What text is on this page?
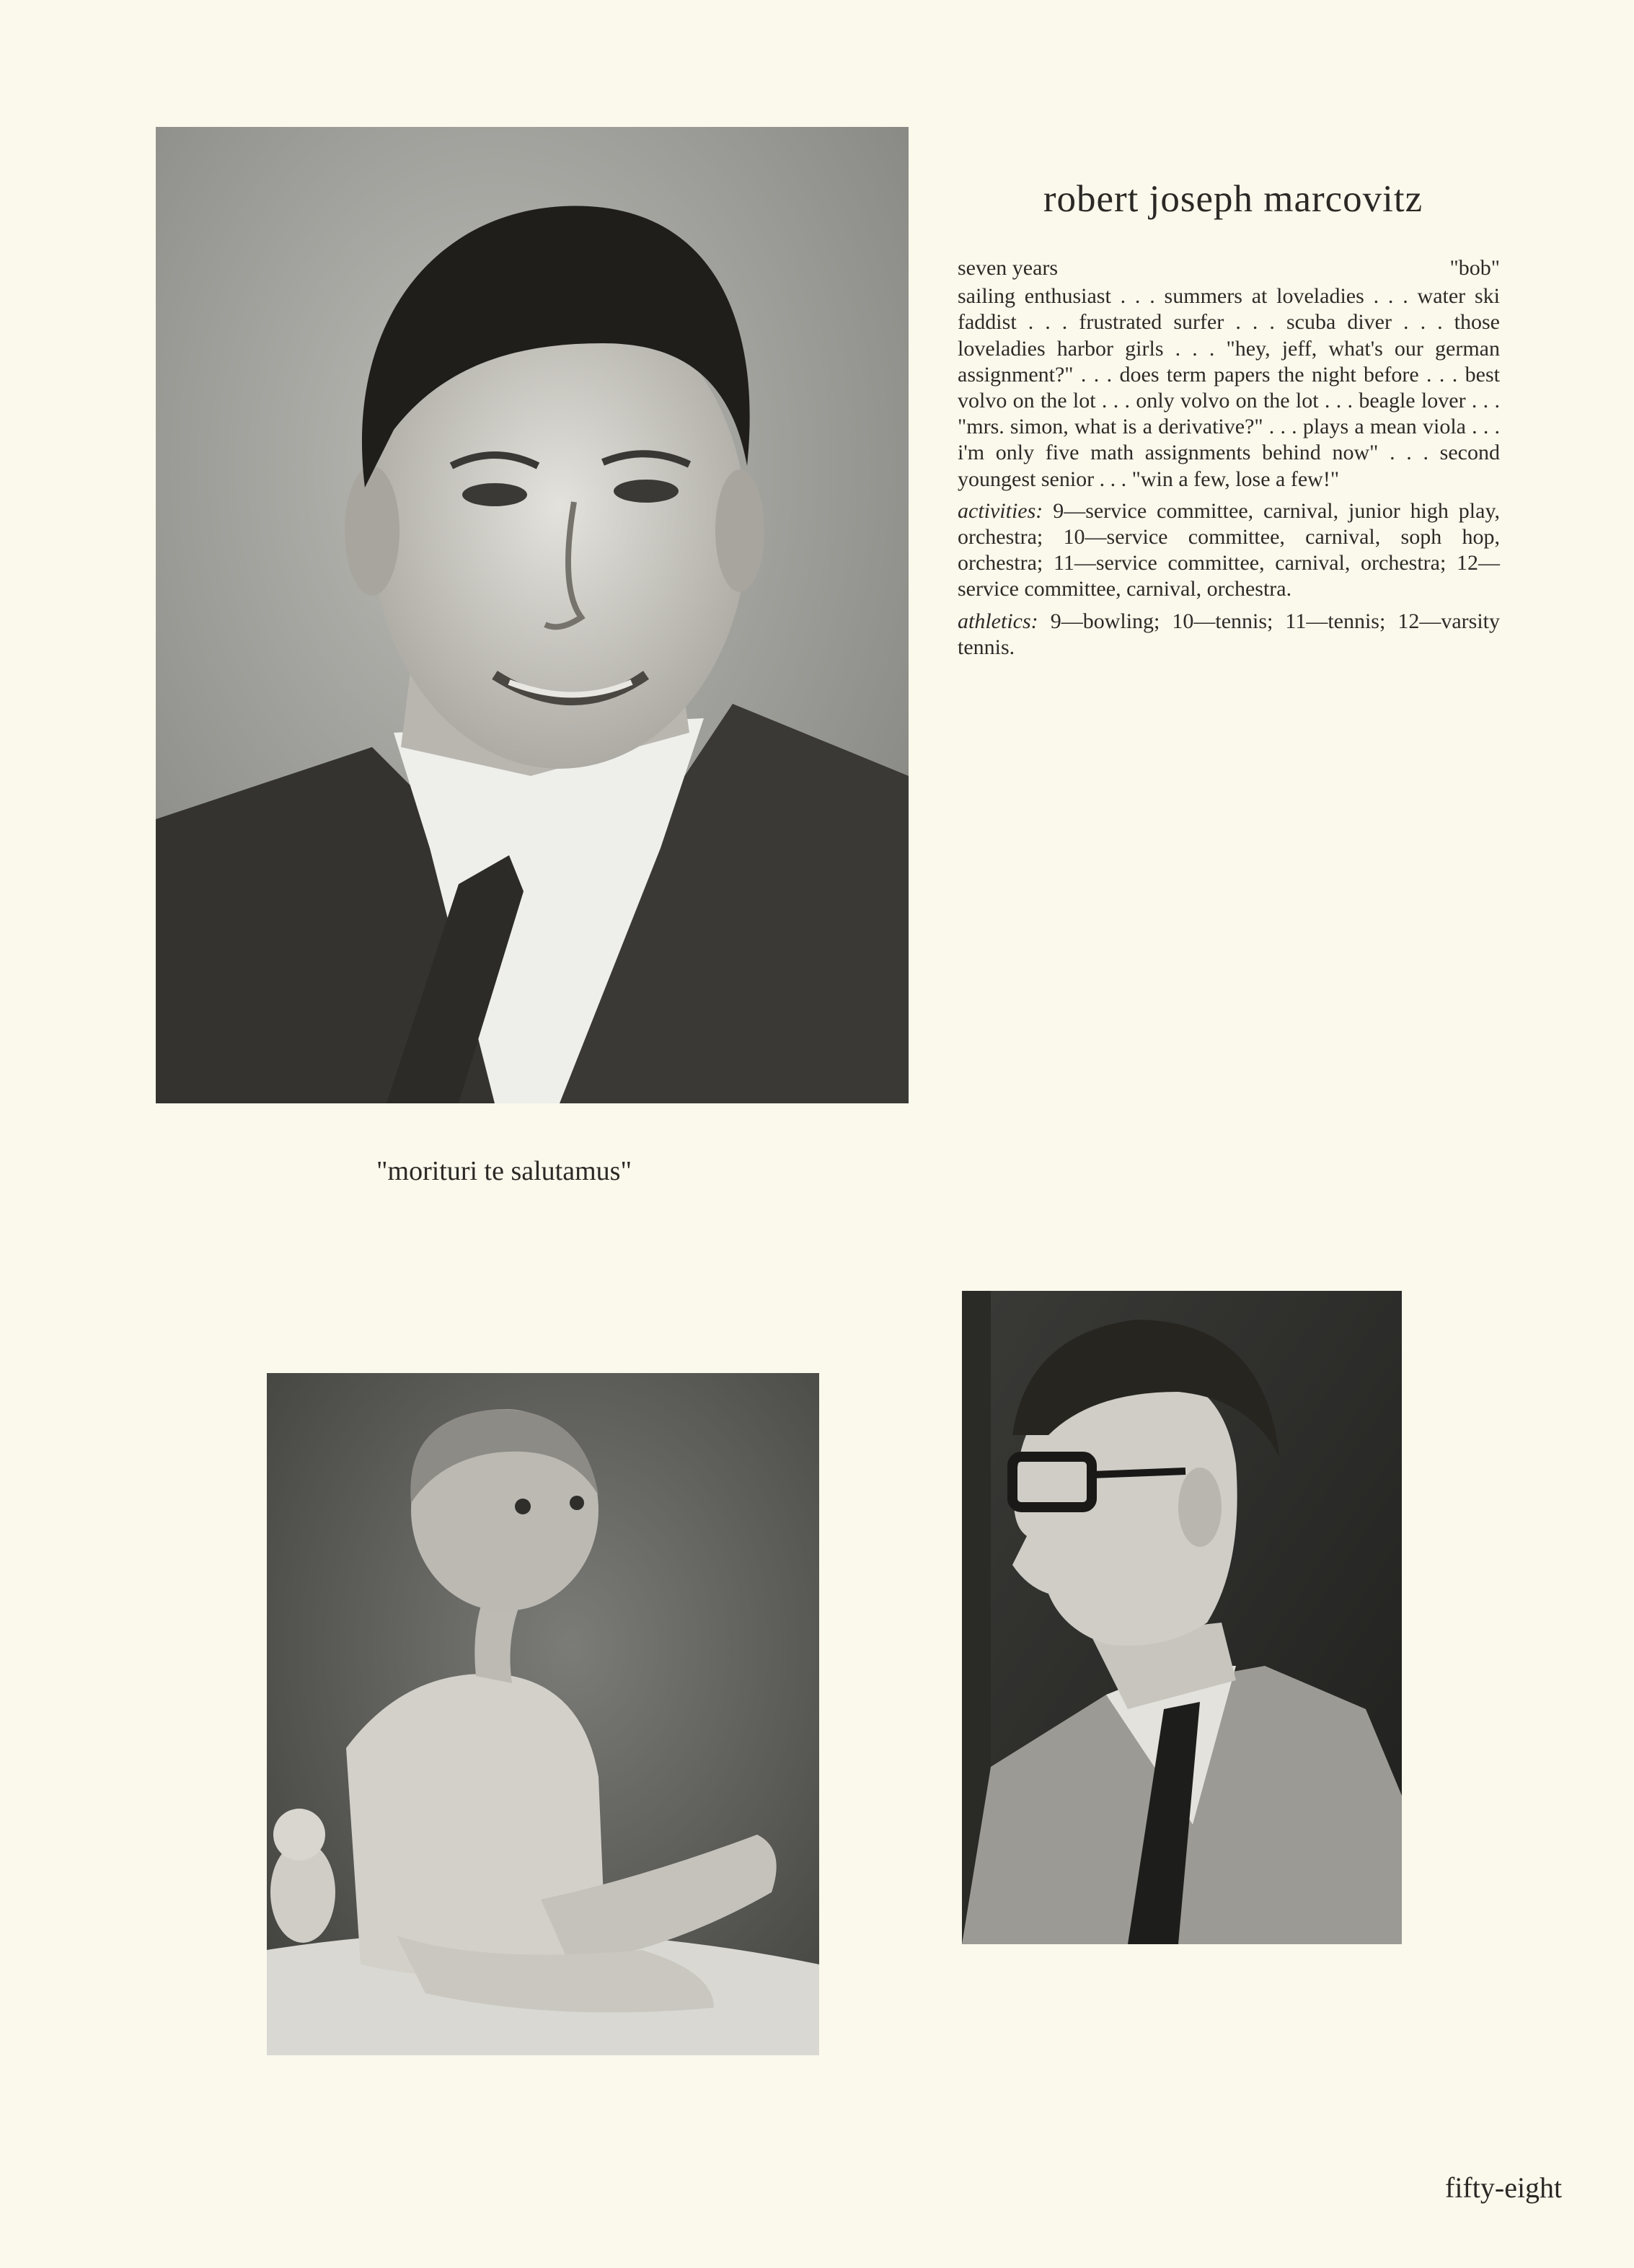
robert joseph marcovitz
seven years	"bob"

sailing enthusiast . . . summers at loveladies . . . water ski faddist . . . frustrated surfer . . . scuba diver . . . those loveladies harbor girls . . . "hey, jeff, what's our german assignment?" . . . does term papers the night before . . . best volvo on the lot . . . only volvo on the lot . . . beagle lover . . . "mrs. simon, what is a derivative?" . . . plays a mean viola . . . i'm only five math assignments behind now" . . . second youngest senior . . . "win a few, lose a few!"

activities: 9—service committee, carnival, junior high play, orchestra; 10—service committee, carnival, soph hop, orchestra; 11—service committee, carnival, orchestra; 12—service committee, carnival, orchestra.

athletics: 9—bowling; 10—tennis; 11—tennis; 12—varsity tennis.

"morituri te salutamus"
fifty-eight
